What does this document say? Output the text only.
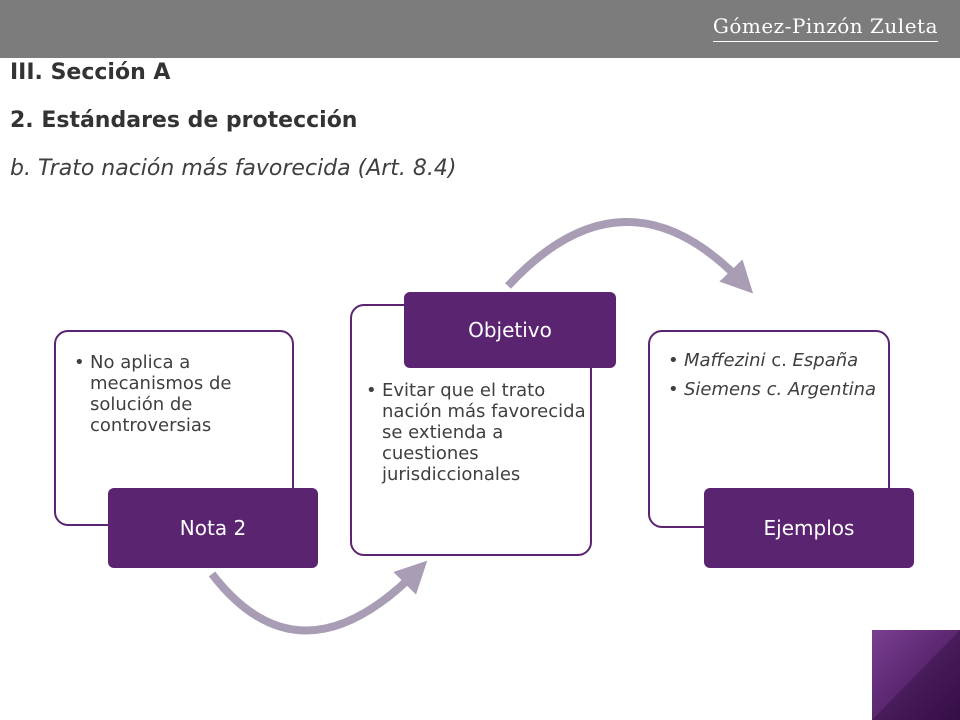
Gómez-Pinzón Zuleta
III. Sección A
2. Estándares de protección
b. Trato nación más favorecida (Art. 8.4)
• No aplica a mecanismos de solución de controversias
Nota 2
• Evitar que el trato nación más favorecida se extienda a cuestiones jurisdiccionales
Objetivo
• Maffezini c. España
• Siemens c. Argentina
Ejemplos
